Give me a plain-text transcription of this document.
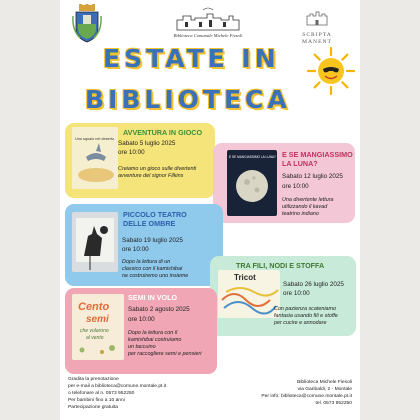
Biblioteca Comunale Michele Fiesoli	SCRIPTA
MANENT
ESTATE IN
BIBLIOTECA
Uno squalo nel deserto
AVVENTURA IN GIOCO
Sabato 5 luglio 2025
ore 10:00
Creiamo un gioco sulle divertenti
avventure del signor Filkins
E SE MANGIASSIMO LA LUNA? E SE MANGIASSIMO
LA LUNA?
Sabato 12 luglio 2025
ore 10:00
Una divertente lettura
utilizzando il kavad
teatrino indiano
PICCOLO TEATRO
DELLE OMBRE
Sabato 19 luglio 2025
ore 10:00
Dopo la lettura di un
classico con il kamishibai
ne costruiremo uno insieme	Tricot
TRA FILI, NODI E STOFFA
Sabato 26 luglio 2025
ore 10:00
Con pazienza scateniamo
fantasia usando fili e stoffe
per cucire e annodare
Cento
semi
che volarono
al vento
SEMI IN VOLO
Sabato 2 agosto 2025
ore 10:00
Dopo la lettura con il
kamishibai costruiamo
un taccuino
per raccogliere semi e pensieri
Gradita la prenotazione
per e-mail a biblioteca@comune.montale.pt.it
o telefonare al n. 0573 952250
Per bambini fino a 10 anni
Partecipazione gratuita
Biblioteca Michele Fiesoli
via Garibaldi, 2 - Montale
Per info: biblioteca@comune.montale.pt.it
tel. 0573 952250
